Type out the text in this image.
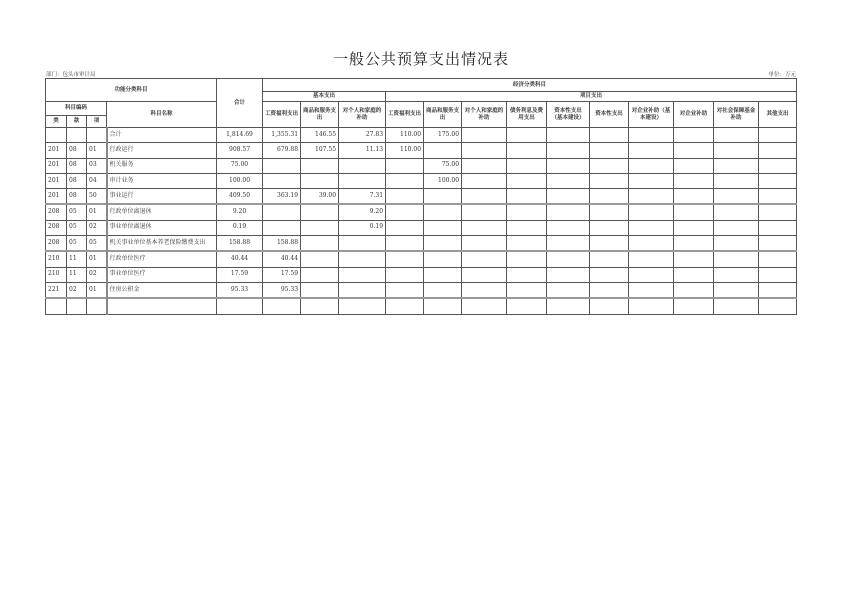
一般公共预算支出情况表
部门：包头市审计局	单位：万元
功能分类科目				合计	经济分类科目												
					基本支出			项目支出									
科目编码			科目名称		工资福利支出	商品和服务支出	对个人和家庭的补助	工资福利支出	商品和服务支出	对个人和家庭的补助	债务利息及费用支出	资本性支出（基本建设）	资本性支出	对企业补助（基本建设）	对企业补助	对社会保障基金补助	其他支出
类	款	项															
			合计	1,814.69	1,355.31	146.55	27.83	110.00	175.00								
201	08	01	行政运行	908.57	679.88	107.55	11.13	110.00									
201	08	03	机关服务	75.00					75.00								
201	08	04	审计业务	100.00					100.00								
201	08	50	事业运行	409.50	363.19	39.00	7.31										
208	05	01	行政单位离退休	9.20			9.20										
208	05	02	事业单位离退休	0.19			0.19										
208	05	05	机关事业单位基本养老保险缴费支出	158.88	158.88												
210	11	01	行政单位医疗	40.44	40.44												
210	11	02	事业单位医疗	17.59	17.59												
221	02	01	住房公积金	95.33	95.33												
